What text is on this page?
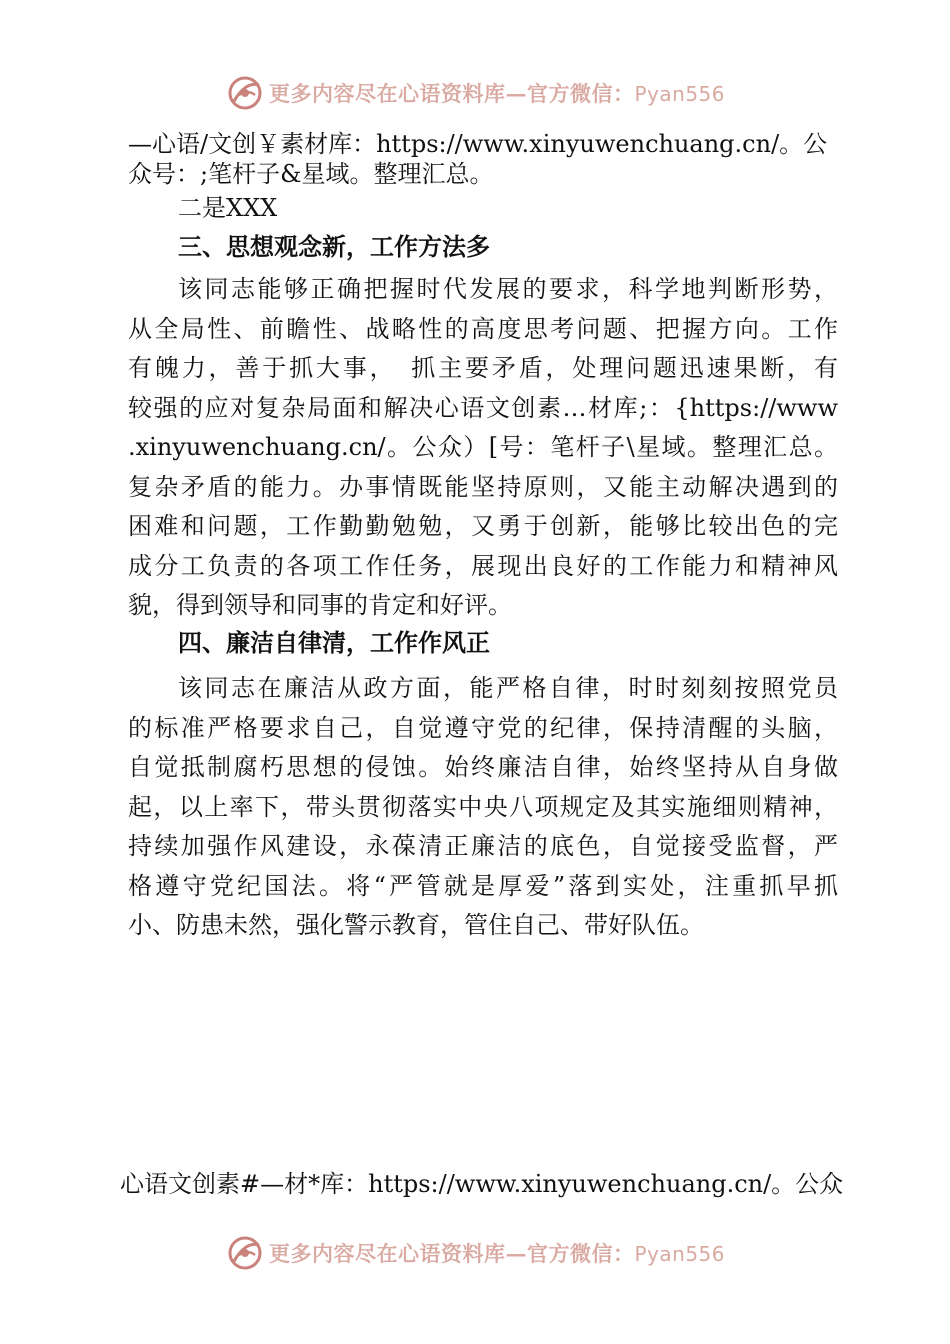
更多内容尽在心语资料库—官方微信：Pyan556
—心语/文创￥素材库：https://www.xinyuwenchuang.cn/。公
众号：;笔杆子&星域。整理汇总。
二是XXX
三、思想观念新，工作方法多
该同志能够正确把握时代发展的要求，科学地判断形势，
从全局性、前瞻性、战略性的高度思考问题、把握方向。工作
有魄力，善于抓大事，　抓主要矛盾，处理问题迅速果断，有
较强的应对复杂局面和解决心语文创素…材库;：{https://www
.xinyuwenchuang.cn/。公众）[号：笔杆子\星域。整理汇总。
复杂矛盾的能力。办事情既能坚持原则，又能主动解决遇到的
困难和问题，工作勤勤勉勉，又勇于创新，能够比较出色的完
成分工负责的各项工作任务，展现出良好的工作能力和精神风
貌，得到领导和同事的肯定和好评。
四、廉洁自律清，工作作风正
该同志在廉洁从政方面，能严格自律，时时刻刻按照党员
的标准严格要求自己，自觉遵守党的纪律，保持清醒的头脑，
自觉抵制腐朽思想的侵蚀。始终廉洁自律，始终坚持从自身做
起，以上率下，带头贯彻落实中央八项规定及其实施细则精神，
持续加强作风建设，永葆清正廉洁的底色，自觉接受监督，严
格遵守党纪国法。将“严管就是厚爱”落到实处，注重抓早抓
小、防患未然，强化警示教育，管住自己、带好队伍。
心语文创素#—材*库：https://www.xinyuwenchuang.cn/。公众
更多内容尽在心语资料库—官方微信：Pyan556
